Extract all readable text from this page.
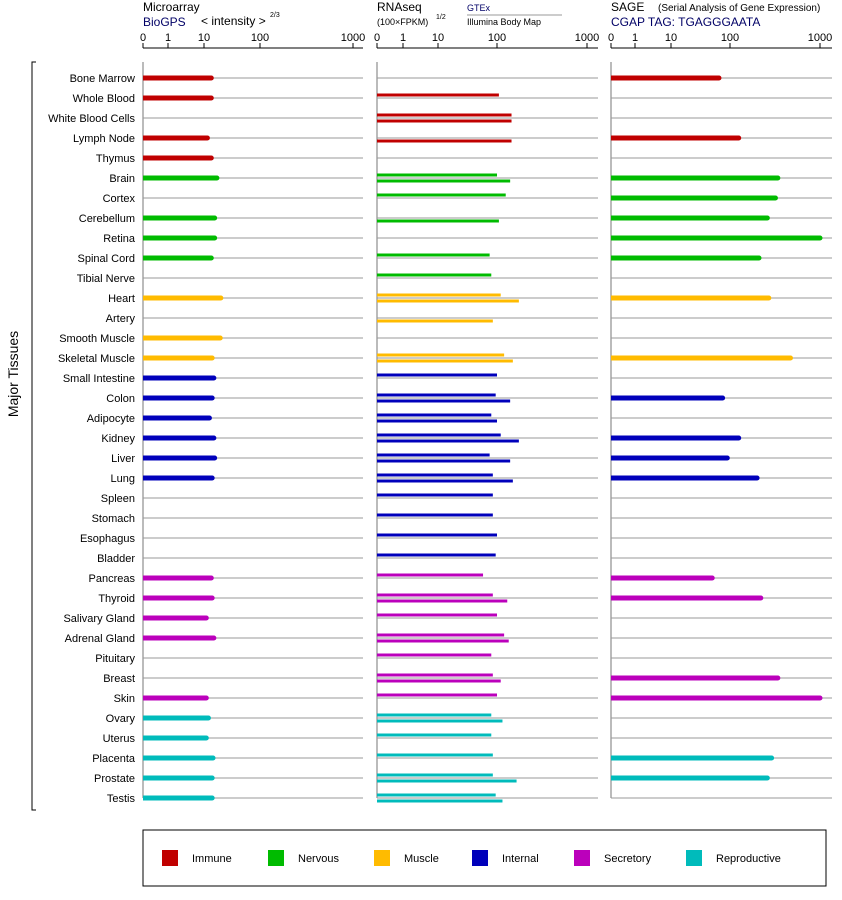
Microarray
BioGPS < intensity > 2/3
RNAseq
(100×FPKM) 1/2
GTEx
Illumina Body Map
SAGE (Serial Analysis of Gene Expression)
CGAP TAG: TGAGGGAATA
Major Tissues
Bone Marrow
Whole Blood
White Blood Cells
Lymph Node
Thymus
Brain
Cortex
Cerebellum
Retina
Spinal Cord
Tibial Nerve
Heart
Artery
Smooth Muscle
Skeletal Muscle
Small Intestine
Colon
Adipocyte
Kidney
Liver
Lung
Spleen
Stomach
Esophagus
Bladder
Pancreas
Thyroid
Salivary Gland
Adrenal Gland
Pituitary
Breast
Skin
Ovary
Uterus
Placenta
Prostate
Testis
0 1 10	100	1000 0 1 10	100	1000 0 1 10	100	1000
Immune	Nervous	Muscle	Internal	Secretory	Reproductive
